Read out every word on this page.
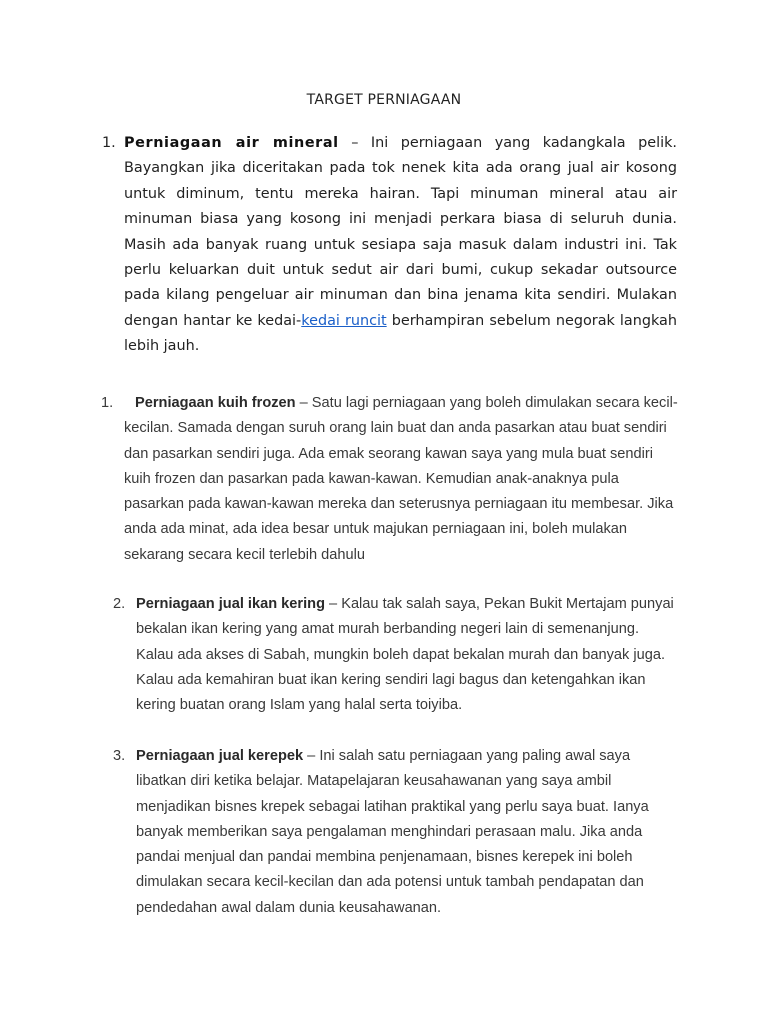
TARGET PERNIAGAAN
1. Perniagaan air mineral – Ini perniagaan yang kadangkala pelik. Bayangkan jika diceritakan pada tok nenek kita ada orang jual air kosong untuk diminum, tentu mereka hairan. Tapi minuman mineral atau air minuman biasa yang kosong ini menjadi perkara biasa di seluruh dunia. Masih ada banyak ruang untuk sesiapa saja masuk dalam industri ini. Tak perlu keluarkan duit untuk sedut air dari bumi, cukup sekadar outsource pada kilang pengeluar air minuman dan bina jenama kita sendiri. Mulakan dengan hantar ke kedai-kedai runcit berhampiran sebelum negorak langkah lebih jauh.
1.	Perniagaan kuih frozen – Satu lagi perniagaan yang boleh dimulakan secara kecil-kecilan. Samada dengan suruh orang lain buat dan anda pasarkan atau buat sendiri dan pasarkan sendiri juga. Ada emak seorang kawan saya yang mula buat sendiri kuih frozen dan pasarkan pada kawan-kawan. Kemudian anak-anaknya pula pasarkan pada kawan-kawan mereka dan seterusnya perniagaan itu membesar. Jika anda ada minat, ada idea besar untuk majukan perniagaan ini, boleh mulakan sekarang secara kecil terlebih dahulu
2. Perniagaan jual ikan kering – Kalau tak salah saya, Pekan Bukit Mertajam punyai bekalan ikan kering yang amat murah berbanding negeri lain di semenanjung. Kalau ada akses di Sabah, mungkin boleh dapat bekalan murah dan banyak juga. Kalau ada kemahiran buat ikan kering sendiri lagi bagus dan ketengahkan ikan kering buatan orang Islam yang halal serta toiyiba.
3. Perniagaan jual kerepek – Ini salah satu perniagaan yang paling awal saya libatkan diri ketika belajar. Matapelajaran keusahawanan yang saya ambil menjadikan bisnes krepek sebagai latihan praktikal yang perlu saya buat. Ianya banyak memberikan saya pengalaman menghindari perasaan malu. Jika anda pandai menjual dan pandai membina penjenamaan, bisnes kerepek ini boleh dimulakan secara kecil-kecilan dan ada potensi untuk tambah pendapatan dan pendedahan awal dalam dunia keusahawanan.
